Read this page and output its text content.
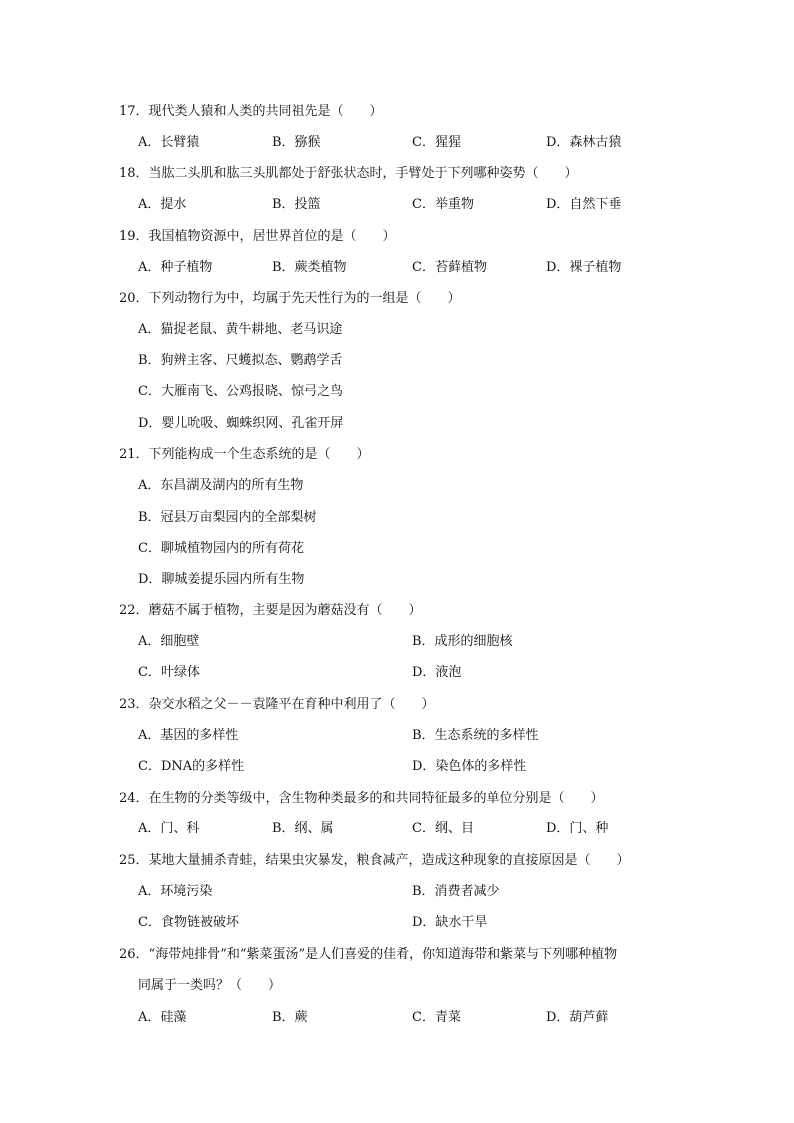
17．现代类人猿和人类的共同祖先是（　　）
A．长臂猿	B．猕猴	C．猩猩	D．森林古猿
18．当肱二头肌和肱三头肌都处于舒张状态时，手臂处于下列哪种姿势（　　）
A．提水	B．投篮	C．举重物	D．自然下垂
19．我国植物资源中，居世界首位的是（　　）
A．种子植物	B．蕨类植物	C．苔藓植物	D．裸子植物
20．下列动物行为中，均属于先天性行为的一组是（　　）
A．猫捉老鼠、黄牛耕地、老马识途
B．狗辨主客、尺蠖拟态、鹦鹉学舌
C．大雁南飞、公鸡报晓、惊弓之鸟
D．婴儿吮吸、蜘蛛织网、孔雀开屏
21．下列能构成一个生态系统的是（　　）
A．东昌湖及湖内的所有生物
B．冠县万亩梨园内的全部梨树
C．聊城植物园内的所有荷花
D．聊城姜提乐园内所有生物
22．蘑菇不属于植物，主要是因为蘑菇没有（　　）
A．细胞壁	B．成形的细胞核
C．叶绿体	D．液泡
23．杂交水稻之父－－袁隆平在育种中利用了（　　）
A．基因的多样性	B．生态系统的多样性
C．DNA的多样性	D．染色体的多样性
24．在生物的分类等级中，含生物种类最多的和共同特征最多的单位分别是（　　）
A．门、科	B．纲、属	C．纲、目	D．门、种
25．某地大量捕杀青蛙，结果虫灾暴发，粮食减产，造成这种现象的直接原因是（　　）
A．环境污染	B．消费者减少
C．食物链被破坏	D．缺水干旱
26．“海带炖排骨”和“紫菜蛋汤”是人们喜爱的佳肴，你知道海带和紫菜与下列哪种植物
同属于一类吗？（　　）
A．硅藻	B．蕨	C．青菜	D．葫芦藓
